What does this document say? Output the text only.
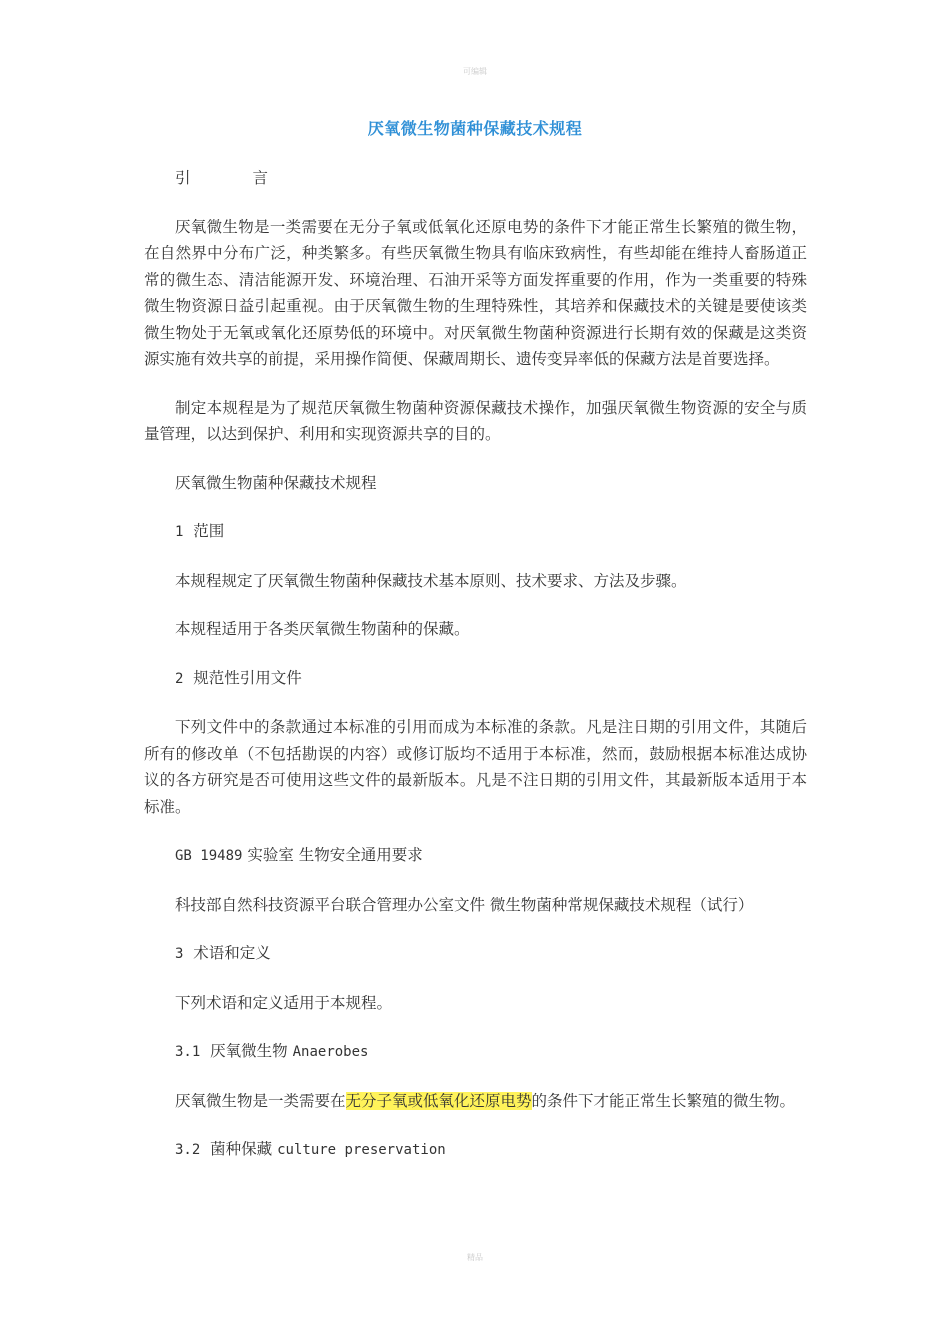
可编辑
厌氧微生物菌种保藏技术规程

引	言

厌氧微生物是一类需要在无分子氧或低氧化还原电势的条件下才能正常生长繁殖的微生物，在自然界中分布广泛，种类繁多。有些厌氧微生物具有临床致病性，有些却能在维持人畜肠道正常的微生态、清洁能源开发、环境治理、石油开采等方面发挥重要的作用，作为一类重要的特殊微生物资源日益引起重视。由于厌氧微生物的生理特殊性，其培养和保藏技术的关键是要使该类微生物处于无氧或氧化还原势低的环境中。对厌氧微生物菌种资源进行长期有效的保藏是这类资源实施有效共享的前提，采用操作简便、保藏周期长、遗传变异率低的保藏方法是首要选择。

制定本规程是为了规范厌氧微生物菌种资源保藏技术操作，加强厌氧微生物资源的安全与质量管理，以达到保护、利用和实现资源共享的目的。

厌氧微生物菌种保藏技术规程

1 范围

本规程规定了厌氧微生物菌种保藏技术基本原则、技术要求、方法及步骤。

本规程适用于各类厌氧微生物菌种的保藏。

2 规范性引用文件

下列文件中的条款通过本标准的引用而成为本标准的条款。凡是注日期的引用文件，其随后所有的修改单（不包括勘误的内容）或修订版均不适用于本标准，然而，鼓励根据本标准达成协议的各方研究是否可使用这些文件的最新版本。凡是不注日期的引用文件，其最新版本适用于本标准。

GB 19489 实验室 生物安全通用要求

科技部自然科技资源平台联合管理办公室文件 微生物菌种常规保藏技术规程（试行）

3 术语和定义

下列术语和定义适用于本规程。

3.1 厌氧微生物 Anaerobes

厌氧微生物是一类需要在无分子氧或低氧化还原电势的条件下才能正常生长繁殖的微生物。

3.2 菌种保藏 culture preservation

精品
